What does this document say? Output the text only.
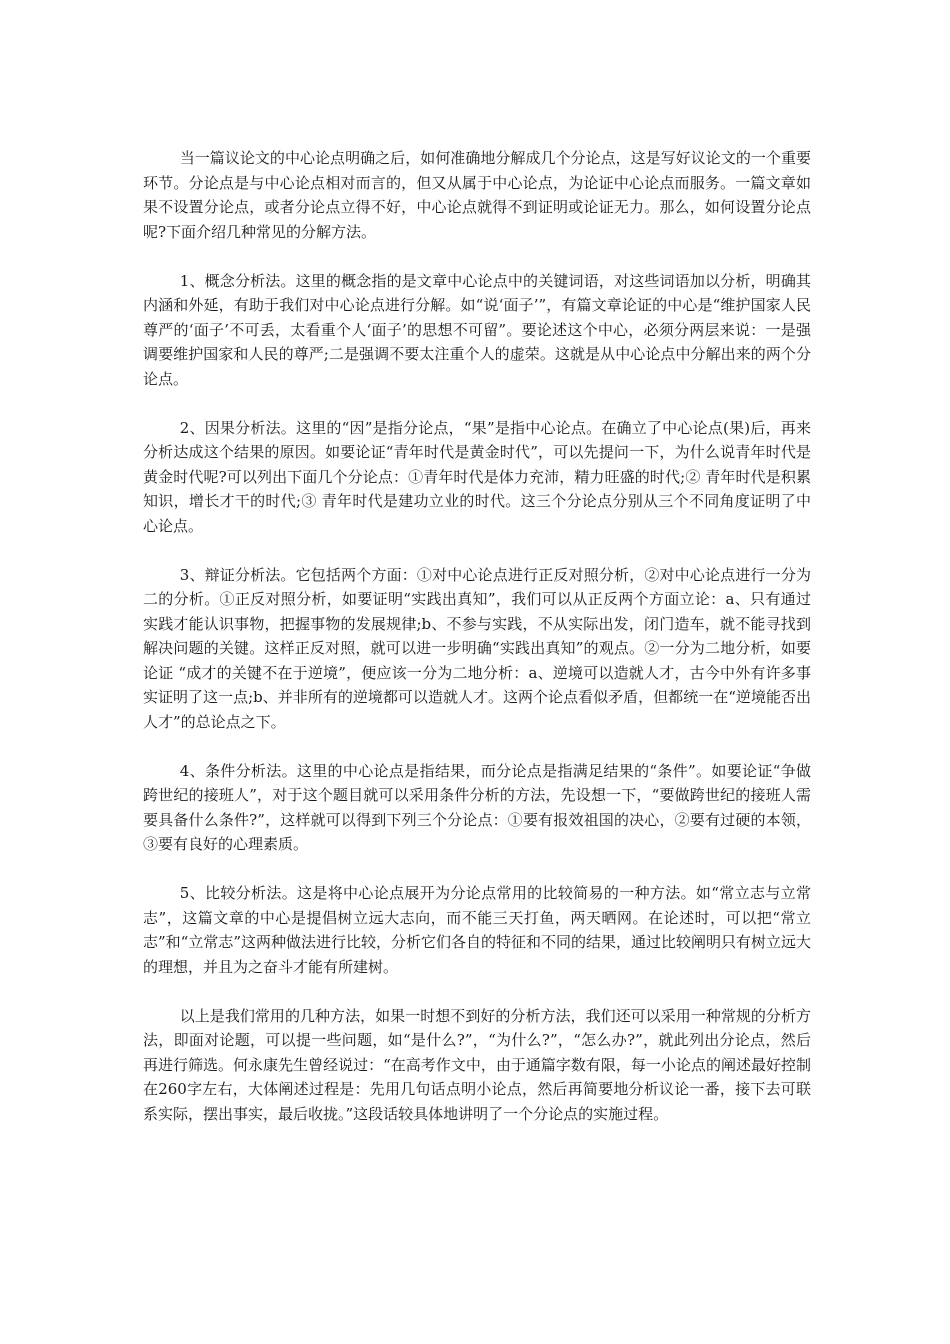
当一篇议论文的中心论点明确之后，如何准确地分解成几个分论点，这是写好议论文的一个重要环节。分论点是与中心论点相对而言的，但又从属于中心论点，为论证中心论点而服务。一篇文章如果不设置分论点，或者分论点立得不好，中心论点就得不到证明或论证无力。那么，如何设置分论点呢?下面介绍几种常见的分解方法。

1、概念分析法。这里的概念指的是文章中心论点中的关键词语，对这些词语加以分析，明确其内涵和外延，有助于我们对中心论点进行分解。如“说‘面子’”，有篇文章论证的中心是“维护国家人民尊严的‘面子’不可丢，太看重个人‘面子’的思想不可留”。要论述这个中心，必须分两层来说：一是强调要维护国家和人民的尊严;二是强调不要太注重个人的虚荣。这就是从中心论点中分解出来的两个分论点。

2、因果分析法。这里的“因”是指分论点，“果”是指中心论点。在确立了中心论点(果)后，再来分析达成这个结果的原因。如要论证“青年时代是黄金时代”，可以先提问一下，为什么说青年时代是黄金时代呢?可以列出下面几个分论点：①青年时代是体力充沛，精力旺盛的时代;② 青年时代是积累知识，增长才干的时代;③ 青年时代是建功立业的时代。这三个分论点分别从三个不同角度证明了中心论点。

3、辩证分析法。它包括两个方面：①对中心论点进行正反对照分析，②对中心论点进行一分为二的分析。①正反对照分析，如要证明“实践出真知”，我们可以从正反两个方面立论：a、只有通过实践才能认识事物，把握事物的发展规律;b、不参与实践，不从实际出发，闭门造车，就不能寻找到解决问题的关键。这样正反对照，就可以进一步明确“实践出真知”的观点。②一分为二地分析，如要论证 “成才的关键不在于逆境”，便应该一分为二地分析：a、逆境可以造就人才，古今中外有许多事实证明了这一点;b、并非所有的逆境都可以造就人才。这两个论点看似矛盾，但都统一在“逆境能否出人才”的总论点之下。

4、条件分析法。这里的中心论点是指结果，而分论点是指满足结果的“条件”。如要论证“争做跨世纪的接班人”，对于这个题目就可以采用条件分析的方法，先设想一下，“要做跨世纪的接班人需要具备什么条件?”，这样就可以得到下列三个分论点：①要有报效祖国的决心，②要有过硬的本领，③要有良好的心理素质。

5、比较分析法。这是将中心论点展开为分论点常用的比较简易的一种方法。如“常立志与立常志”，这篇文章的中心是提倡树立远大志向，而不能三天打鱼，两天晒网。在论述时，可以把“常立志”和“立常志”这两种做法进行比较，分析它们各自的特征和不同的结果，通过比较阐明只有树立远大的理想，并且为之奋斗才能有所建树。

以上是我们常用的几种方法，如果一时想不到好的分析方法，我们还可以采用一种常规的分析方法，即面对论题，可以提一些问题，如“是什么?”，“为什么?”，“怎么办?”，就此列出分论点，然后再进行筛选。何永康先生曾经说过：“在高考作文中，由于通篇字数有限，每一小论点的阐述最好控制在260字左右，大体阐述过程是：先用几句话点明小论点，然后再简要地分析议论一番，接下去可联系实际，摆出事实，最后收拢。”这段话较具体地讲明了一个分论点的实施过程。
